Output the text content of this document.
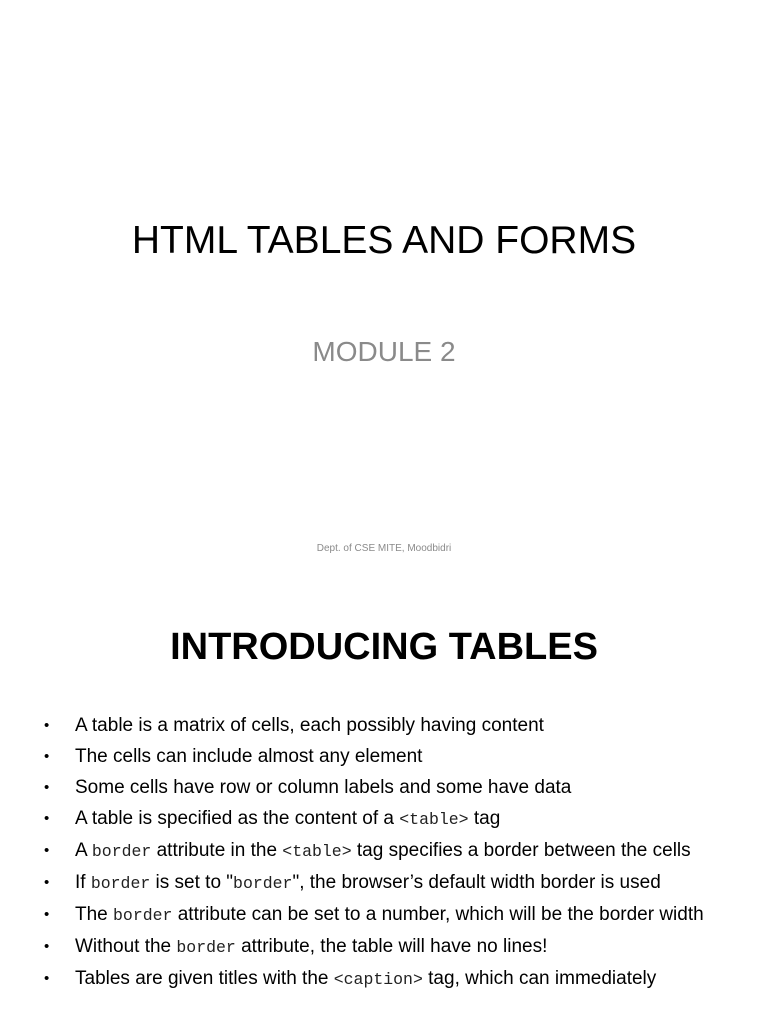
HTML TABLES AND FORMS
MODULE 2
Dept. of CSE MITE, Moodbidri
INTRODUCING TABLES
• A table is a matrix of cells, each possibly having content
• The cells can include almost any element
• Some cells have row or column labels and some have data
• A table is specified as the content of a <table> tag
• A border attribute in the <table> tag specifies a border between the cells
• If border is set to "border", the browser’s default width border is used
• The border attribute can be set to a number, which will be the border width
• Without the border attribute, the table will have no lines!
• Tables are given titles with the <caption> tag, which can immediately
